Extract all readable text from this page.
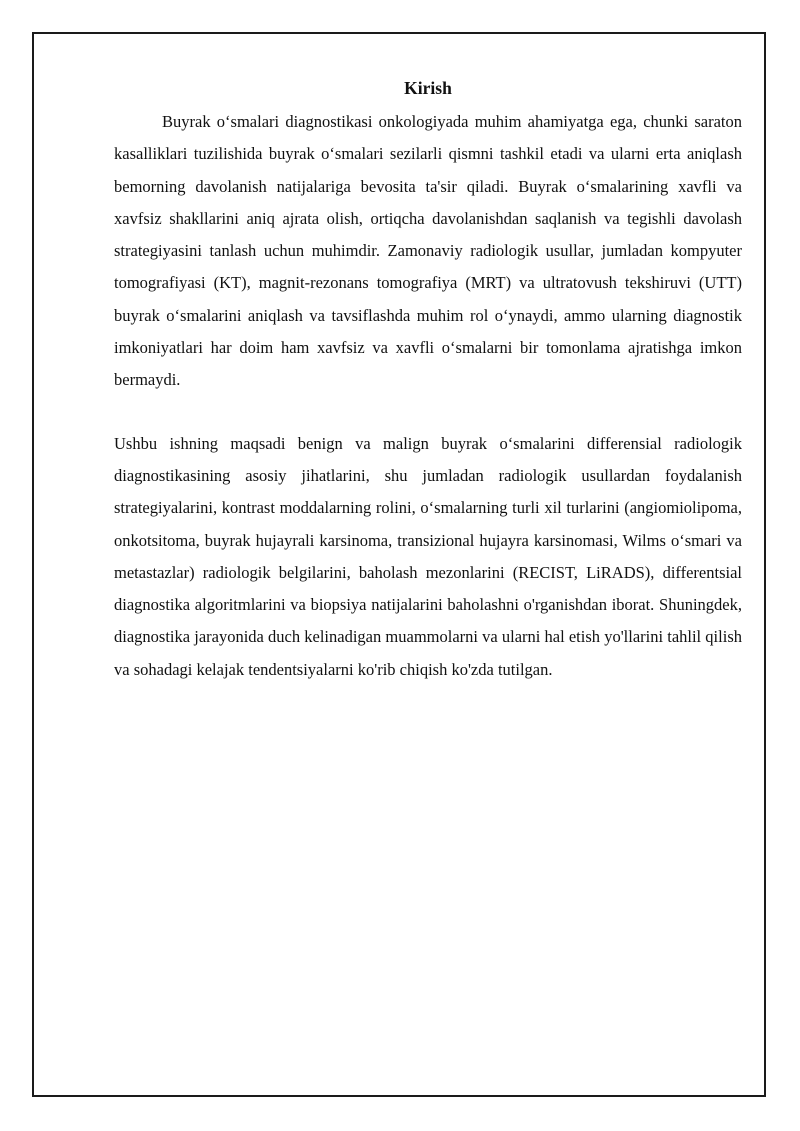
Kirish

Buyrak o‘smalari diagnostikasi onkologiyada muhim ahamiyatga ega, chunki saraton kasalliklari tuzilishida buyrak o‘smalari sezilarli qismni tashkil etadi va ularni erta aniqlash bemorning davolanish natijalariga bevosita ta'sir qiladi. Buyrak o‘smalarining xavfli va xavfsiz shakllarini aniq ajrata olish, ortiqcha davolanishdan saqlanish va tegishli davolash strategiyasini tanlash uchun muhimdir. Zamonaviy radiologik usullar, jumladan kompyuter tomografiyasi (KT), magnit-rezonans tomografiya (MRT) va ultratovush tekshiruvi (UTT) buyrak o‘smalarini aniqlash va tavsiflashda muhim rol o‘ynaydi, ammo ularning diagnostik imkoniyatlari har doim ham xavfsiz va xavfli o‘smalarni bir tomonlama ajratishga imkon bermaydi.

Ushbu ishning maqsadi benign va malign buyrak o‘smalarini differensial radiologik diagnostikasining asosiy jihatlarini, shu jumladan radiologik usullardan foydalanish strategiyalarini, kontrast moddalarning rolini, o‘smalarning turli xil turlarini (angiomiolipoma, onkotsitoma, buyrak hujayrali karsinoma, transizional hujayra karsinomasi, Wilms o‘smari va metastazlar) radiologik belgilarini, baholash mezonlarini (RECIST, LiRADS), differentsial diagnostika algoritmlarini va biopsiya natijalarini baholashni o'rganishdan iborat. Shuningdek, diagnostika jarayonida duch kelinadigan muammolarni va ularni hal etish yo'llarini tahlil qilish va sohadagi kelajak tendentsiyalarni ko'rib chiqish ko'zda tutilgan.
